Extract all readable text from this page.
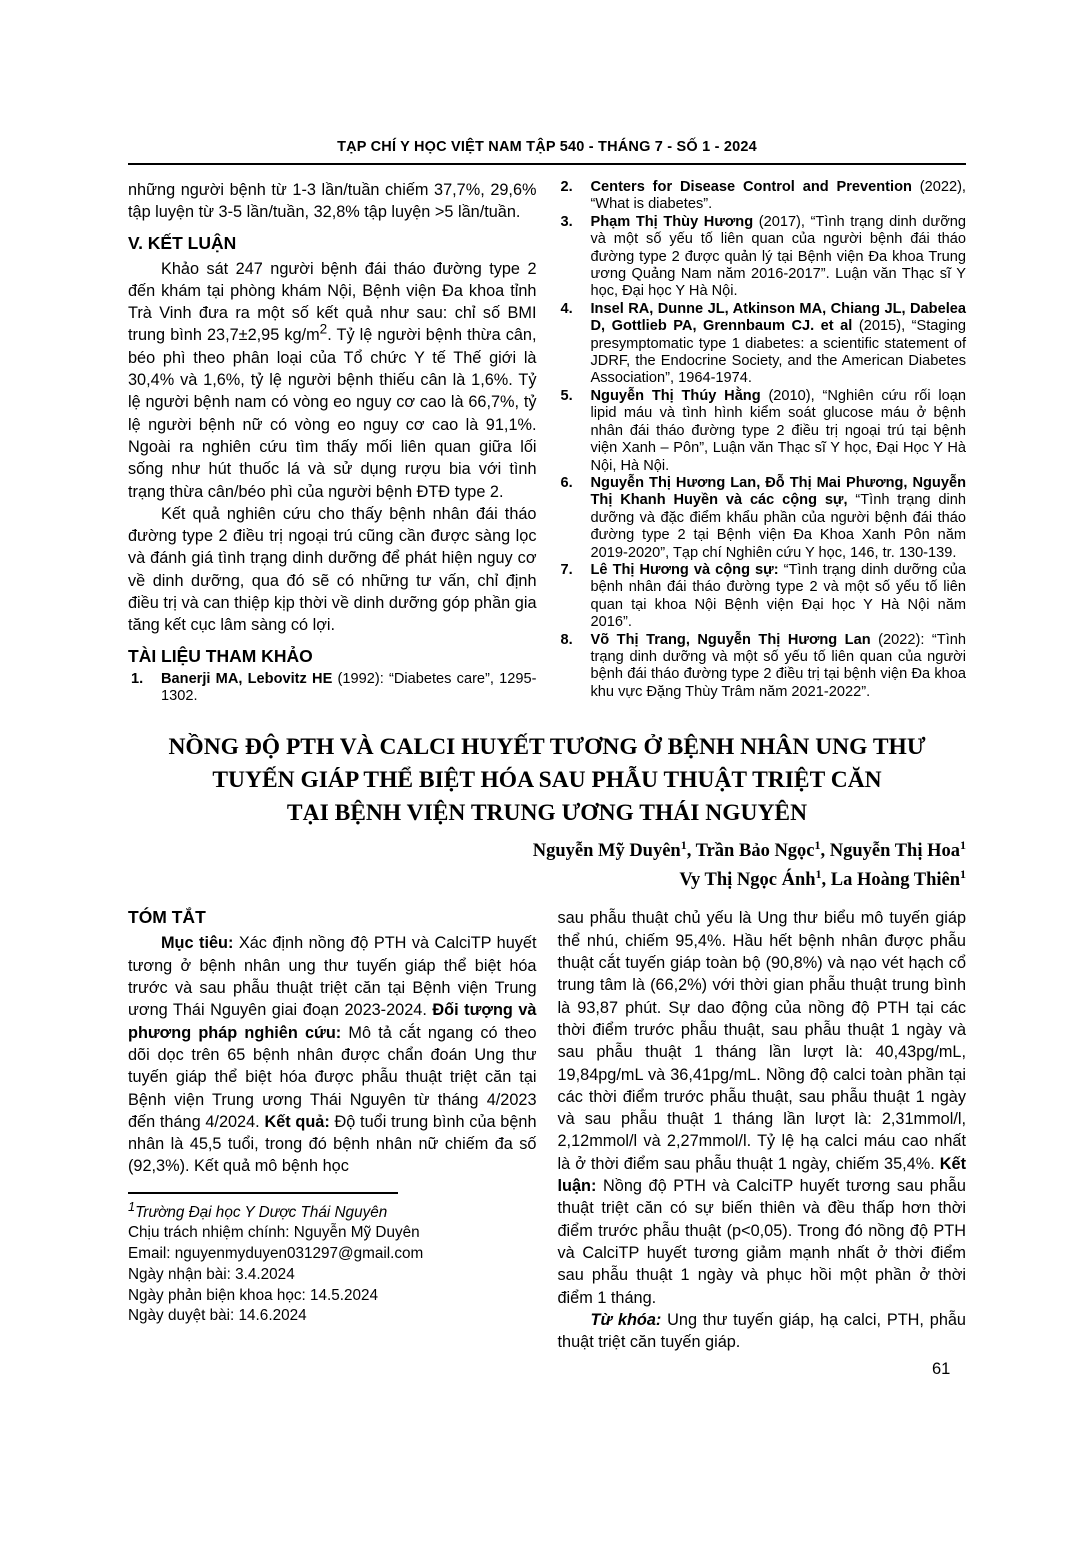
TẠP CHÍ Y HỌC VIỆT NAM TẬP 540 - THÁNG 7 - SỐ 1 - 2024

những người bệnh từ 1-3 lần/tuần chiếm 37,7%, 29,6% tập luyện từ 3-5 lần/tuần, 32,8% tập luyện >5 lần/tuần.

V. KẾT LUẬN

Khảo sát 247 người bệnh đái tháo đường type 2 đến khám tại phòng khám Nội, Bệnh viện Đa khoa tỉnh Trà Vinh đưa ra một số kết quả như sau: chỉ số BMI trung bình 23,7±2,95 $kg/m^2$. Tỷ lệ người bệnh thừa cân, béo phì theo phân loại của Tổ chức Y tế Thế giới là 30,4% và 1,6%, tỷ lệ người bệnh thiếu cân là 1,6%. Tỷ lệ người bệnh nam có vòng eo nguy cơ cao là 66,7%, tỷ lệ người bệnh nữ có vòng eo nguy cơ cao là 91,1%. Ngoài ra nghiên cứu tìm thấy mối liên quan giữa lối sống như hút thuốc lá và sử dụng rượu bia với tình trạng thừa cân/béo phì của người bệnh ĐTĐ type 2.

Kết quả nghiên cứu cho thấy bệnh nhân đái tháo đường type 2 điều trị ngoại trú cũng cần được sàng lọc và đánh giá tình trạng dinh dưỡng để phát hiện nguy cơ về dinh dưỡng, qua đó sẽ có những tư vấn, chỉ định điều trị và can thiệp kịp thời về dinh dưỡng góp phần gia tăng kết cục lâm sàng có lợi.

TÀI LIỆU THAM KHẢO
1. Banerji MA, Lebovitz HE (1992): “Diabetes care”, 1295-1302.
2. Centers for Disease Control and Prevention (2022), “What is diabetes”.
3. Phạm Thị Thùy Hương (2017), “Tình trạng dinh dưỡng và một số yếu tố liên quan của người bệnh đái tháo đường type 2 được quản lý tại Bệnh viện Đa khoa Trung ương Quảng Nam năm 2016-2017”. Luận văn Thạc sĩ Y học, Đại học Y Hà Nội.
4. Insel RA, Dunne JL, Atkinson MA, Chiang JL, Dabelea D, Gottlieb PA, Grennbaum CJ. et al (2015), “Staging presymptomatic type 1 diabetes: a scientific statement of JDRF, the Endocrine Society, and the American Diabetes Association”, 1964-1974.
5. Nguyễn Thị Thúy Hằng (2010), “Nghiên cứu rối loạn lipid máu và tình hình kiểm soát glucose máu ở bệnh nhân đái tháo đường type 2 điều trị ngoại trú tại bệnh viện Xanh – Pôn”, Luận văn Thạc sĩ Y học, Đại Học Y Hà Nội, Hà Nội.
6. Nguyễn Thị Hương Lan, Đỗ Thị Mai Phương, Nguyễn Thị Khanh Huyền và các cộng sự, “Tình trạng dinh dưỡng và đặc điểm khẩu phần của người bệnh đái tháo đường type 2 tại Bệnh viện Đa Khoa Xanh Pôn năm 2019-2020”, Tạp chí Nghiên cứu Y học, 146, tr. 130-139.
7. Lê Thị Hương và cộng sự: “Tình trạng dinh dưỡng của bệnh nhân đái tháo đường type 2 và một số yếu tố liên quan tại khoa Nội Bệnh viện Đại học Y Hà Nội năm 2016”.
8. Võ Thị Trang, Nguyễn Thị Hương Lan (2022): “Tình trạng dinh dưỡng và một số yếu tố liên quan của người bệnh đái tháo đường type 2 điều trị tại bệnh viện Đa khoa khu vực Đặng Thùy Trâm năm 2021-2022”.
NỒNG ĐỘ PTH VÀ CALCI HUYẾT TƯƠNG Ở BỆNH NHÂN UNG THƯ
TUYẾN GIÁP THỂ BIỆT HÓA SAU PHẪU THUẬT TRIỆT CĂN
TẠI BỆNH VIỆN TRUNG ƯƠNG THÁI NGUYÊN
Nguyễn Mỹ Duyên$^1$, Trần Bảo Ngọc$^1$, Nguyễn Thị Hoa$^1$
Vy Thị Ngọc Ánh$^1$, La Hoàng Thiên$^1$
TÓM TẮT

Mục tiêu: Xác định nồng độ PTH và CalciTP huyết tương ở bệnh nhân ung thư tuyến giáp thể biệt hóa trước và sau phẫu thuật triệt căn tại Bệnh viện Trung ương Thái Nguyên giai đoạn 2023-2024. Đối tượng và phương pháp nghiên cứu: Mô tả cắt ngang có theo dõi dọc trên 65 bệnh nhân được chẩn đoán Ung thư tuyến giáp thể biệt hóa được phẫu thuật triệt căn tại Bệnh viện Trung ương Thái Nguyên từ tháng 4/2023 đến tháng 4/2024. Kết quả: Độ tuổi trung bình của bệnh nhân là 45,5 tuổi, trong đó bệnh nhân nữ chiếm đa số (92,3%). Kết quả mô bệnh học

$^1$Trường Đại học Y Dược Thái Nguyên
Chịu trách nhiệm chính: Nguyễn Mỹ Duyên
Email: nguyenmyduyen031297@gmail.com
Ngày nhận bài: 3.4.2024
Ngày phản biện khoa học: 14.5.2024
Ngày duyệt bài: 14.6.2024

sau phẫu thuật chủ yếu là Ung thư biểu mô tuyến giáp thể nhú, chiếm 95,4%. Hầu hết bệnh nhân được phẫu thuật cắt tuyến giáp toàn bộ (90,8%) và nạo vét hạch cổ trung tâm là (66,2%) với thời gian phẫu thuật trung bình là 93,87 phút. Sự dao động của nồng độ PTH tại các thời điểm trước phẫu thuật, sau phẫu thuật 1 ngày và sau phẫu thuật 1 tháng lần lượt là: 40,43pg/mL, 19,84pg/mL và 36,41pg/mL. Nồng độ calci toàn phần tại các thời điểm trước phẫu thuật, sau phẫu thuật 1 ngày và sau phẫu thuật 1 tháng lần lượt là: 2,31mmol/l, 2,12mmol/l và 2,27mmol/l. Tỷ lệ hạ calci máu cao nhất là ở thời điểm sau phẫu thuật 1 ngày, chiếm 35,4%. Kết luận: Nồng độ PTH và CalciTP huyết tương sau phẫu thuật triệt căn có sự biến thiên và đều thấp hơn thời điểm trước phẫu thuật (p<0,05). Trong đó nồng độ PTH và CalciTP huyết tương giảm mạnh nhất ở thời điểm sau phẫu thuật 1 ngày và phục hồi một phần ở thời điểm 1 tháng.

Từ khóa: Ung thư tuyến giáp, hạ calci, PTH, phẫu thuật triệt căn tuyến giáp.

61
